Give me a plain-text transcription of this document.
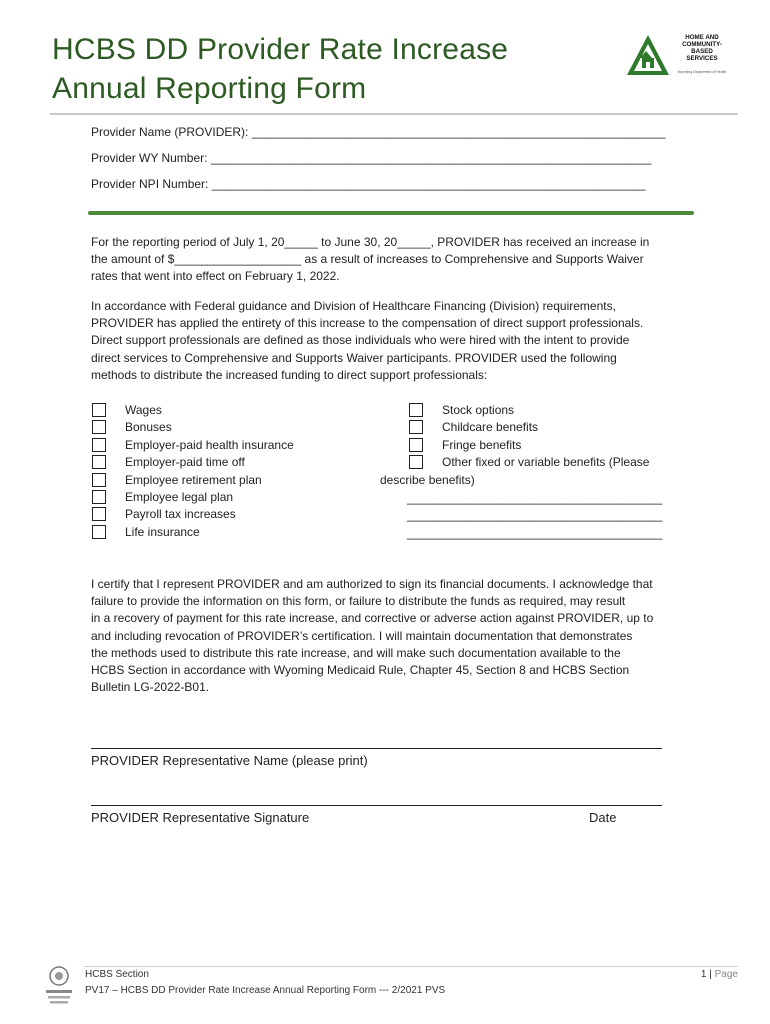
HCBS DD Provider Rate Increase
Annual Reporting Form
HOME AND
COMMUNITY-
BASED
SERVICES
Wyoming Department of Health
Provider Name (PROVIDER): ______________________________________________________________
Provider WY Number: __________________________________________________________________
Provider NPI Number: _________________________________________________________________
For the reporting period of July 1, 20_____ to June 30, 20_____, PROVIDER has received an increase in
the amount of $___________________ as a result of increases to Comprehensive and Supports Waiver
rates that went into effect on February 1, 2022.
In accordance with Federal guidance and Division of Healthcare Financing (Division) requirements,
PROVIDER has applied the entirety of this increase to the compensation of direct support professionals.
Direct support professionals are defined as those individuals who were hired with the intent to provide
direct services to Comprehensive and Supports Waiver participants. PROVIDER used the following
methods to distribute the increased funding to direct support professionals:
Wages
Bonuses
Employer-paid health insurance
Employer-paid time off
Employee retirement plan
Employee legal plan
Payroll tax increases
Life insurance
Stock options
Childcare benefits
Fringe benefits
Other fixed or variable benefits (Please
describe benefits)
________________________________________
________________________________________
________________________________________
I certify that I represent PROVIDER and am authorized to sign its financial documents. I acknowledge that
failure to provide the information on this form, or failure to distribute the funds as required, may result
in a recovery of payment for this rate increase, and corrective or adverse action against PROVIDER, up to
and including revocation of PROVIDER’s certification. I will maintain documentation that demonstrates
the methods used to distribute this rate increase, and will make such documentation available to the
HCBS Section in accordance with Wyoming Medicaid Rule, Chapter 45, Section 8 and HCBS Section
Bulletin LG-2022-B01.
PROVIDER Representative Name (please print)
PROVIDER Representative Signature	Date
HCBS Section
PV17 – HCBS DD Provider Rate Increase Annual Reporting Form --- 2/2021 PVS
1 | Page
